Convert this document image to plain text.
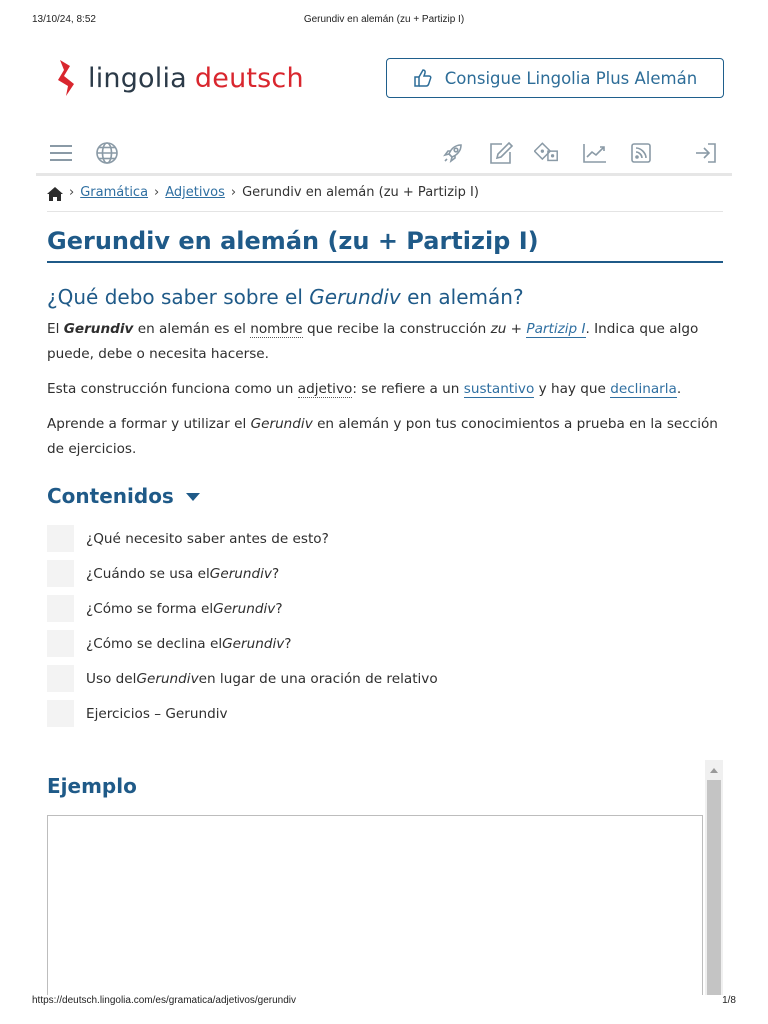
13/10/24, 8:52	Gerundiv en alemán (zu + Partizip I)
lingolia deutsch	Consigue Lingolia Plus Alemán
› Gramática › Adjetivos › Gerundiv en alemán (zu + Partizip I)
Gerundiv en alemán (zu + Partizip I)
¿Qué debo saber sobre el Gerundiv en alemán?

El Gerundiv en alemán es el nombre que recibe la construcción zu + Partizip I. Indica que algo puede, debe o necesita hacerse.

Esta construcción funciona como un adjetivo: se refiere a un sustantivo y hay que declinarla.

Aprende a formar y utilizar el Gerundiv en alemán y pon tus conocimientos a prueba en la sección de ejercicios.

Contenidos
¿Qué necesito saber antes de esto?
¿Cuándo se usa el Gerundiv ?
¿Cómo se forma el Gerundiv ?
¿Cómo se declina el Gerundiv ?
Uso del Gerundiv en lugar de una oración de relativo
Ejercicios – Gerundiv
Ejemplo
https://deutsch.lingolia.com/es/gramatica/adjetivos/gerundiv	1/8
